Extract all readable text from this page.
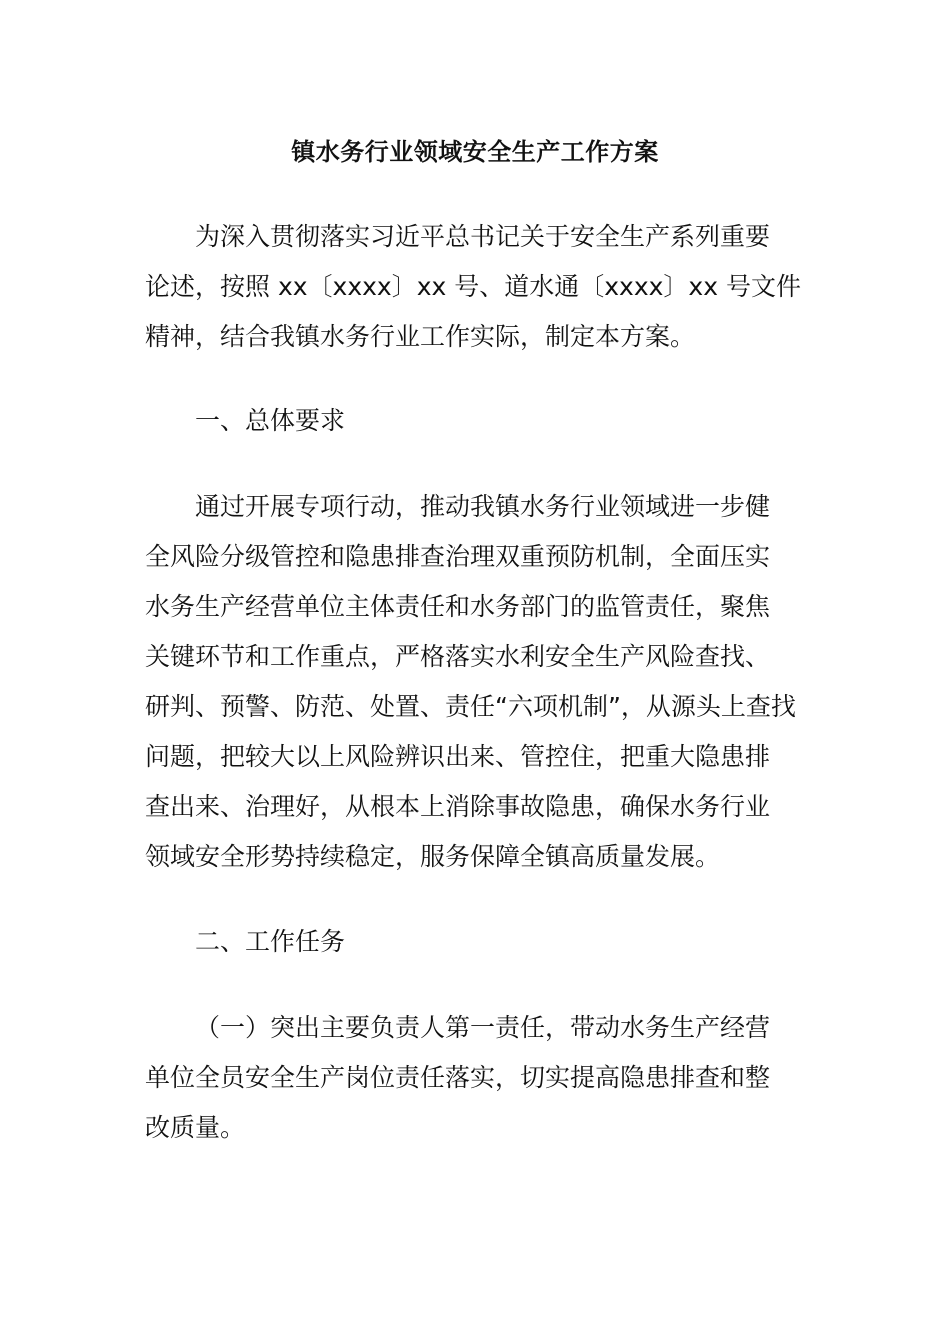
镇水务行业领域安全生产工作方案

为深入贯彻落实习近平总书记关于安全生产系列重要
论述，按照 xx〔xxxx〕xx 号、道水通〔xxxx〕xx 号文件
精神，结合我镇水务行业工作实际，制定本方案。

一、总体要求

通过开展专项行动，推动我镇水务行业领域进一步健
全风险分级管控和隐患排查治理双重预防机制，全面压实
水务生产经营单位主体责任和水务部门的监管责任，聚焦
关键环节和工作重点，严格落实水利安全生产风险查找、
研判、预警、防范、处置、责任“六项机制”，从源头上查找
问题，把较大以上风险辨识出来、管控住，把重大隐患排
查出来、治理好，从根本上消除事故隐患，确保水务行业
领域安全形势持续稳定，服务保障全镇高质量发展。

二、工作任务

（一）突出主要负责人第一责任，带动水务生产经营
单位全员安全生产岗位责任落实，切实提高隐患排查和整
改质量。
